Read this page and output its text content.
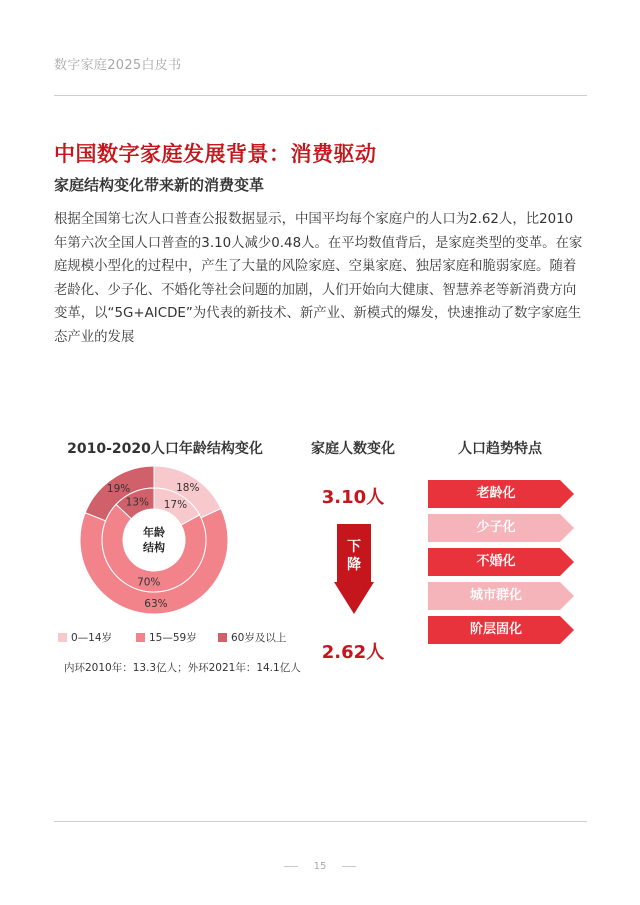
数字家庭2025白皮书
中国数字家庭发展背景：消费驱动
家庭结构变化带来新的消费变革
根据全国第七次人口普查公报数据显示，中国平均每个家庭户的人口为2.62人，比2010年第六次全国人口普查的3.10人减少0.48人。在平均数值背后，是家庭类型的变革。在家庭规模小型化的过程中，产生了大量的风险家庭、空巢家庭、独居家庭和脆弱家庭。随着老龄化、少子化、不婚化等社会问题的加剧，人们开始向大健康、智慧养老等新消费方向变革，以“5G+AICDE”为代表的新技术、新产业、新模式的爆发，快速推动了数字家庭生态产业的发展
2010-2020人口年龄结构变化
年龄
结构
18%
63%
19%
17%
70%
13%
0—14岁	15—59岁	60岁及以上
内环2010年：13.3亿人；外环2021年：14.1亿人
家庭人数变化
3.10人
下
降
2.62人
人口趋势特点
老龄化
少子化
不婚化
城市群化
阶层固化
15
